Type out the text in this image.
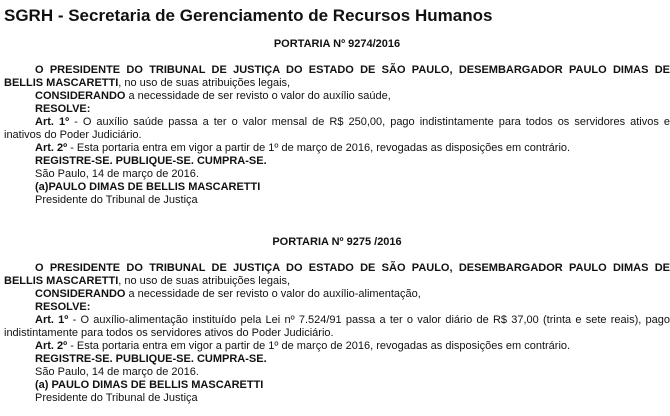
SGRH - Secretaria de Gerenciamento de Recursos Humanos
PORTARIA Nº 9274/2016
O PRESIDENTE DO TRIBUNAL DE JUSTIÇA DO ESTADO DE SÃO PAULO, DESEMBARGADOR PAULO DIMAS DE
BELLIS MASCARETTI, no uso de suas atribuições legais,
CONSIDERANDO a necessidade de ser revisto o valor do auxílio saúde,
RESOLVE:
Art. 1º - O auxílio saúde passa a ter o valor mensal de R$ 250,00, pago indistintamente para todos os servidores ativos e
inativos do Poder Judiciário.
Art. 2º - Esta portaria entra em vigor a partir de 1º de março de 2016, revogadas as disposições em contrário.
REGISTRE-SE. PUBLIQUE-SE. CUMPRA-SE.
São Paulo, 14 de março de 2016.
(a)PAULO DIMAS DE BELLIS MASCARETTI
Presidente do Tribunal de Justiça
PORTARIA Nº 9275 /2016
O PRESIDENTE DO TRIBUNAL DE JUSTIÇA DO ESTADO DE SÃO PAULO, DESEMBARGADOR PAULO DIMAS DE
BELLIS MASCARETTI, no uso de suas atribuições legais,
CONSIDERANDO a necessidade de ser revisto o valor do auxílio-alimentação,
RESOLVE:
Art. 1º - O auxílio-alimentação instituído pela Lei nº 7.524/91 passa a ter o valor diário de R$ 37,00 (trinta e sete reais), pago
indistintamente para todos os servidores ativos do Poder Judiciário.
Art. 2º - Esta portaria entra em vigor a partir de 1º de março de 2016, revogadas as disposições em contrário.
REGISTRE-SE. PUBLIQUE-SE. CUMPRA-SE.
São Paulo, 14 de março de 2016.
(a) PAULO DIMAS DE BELLIS MASCARETTI
Presidente do Tribunal de Justiça
